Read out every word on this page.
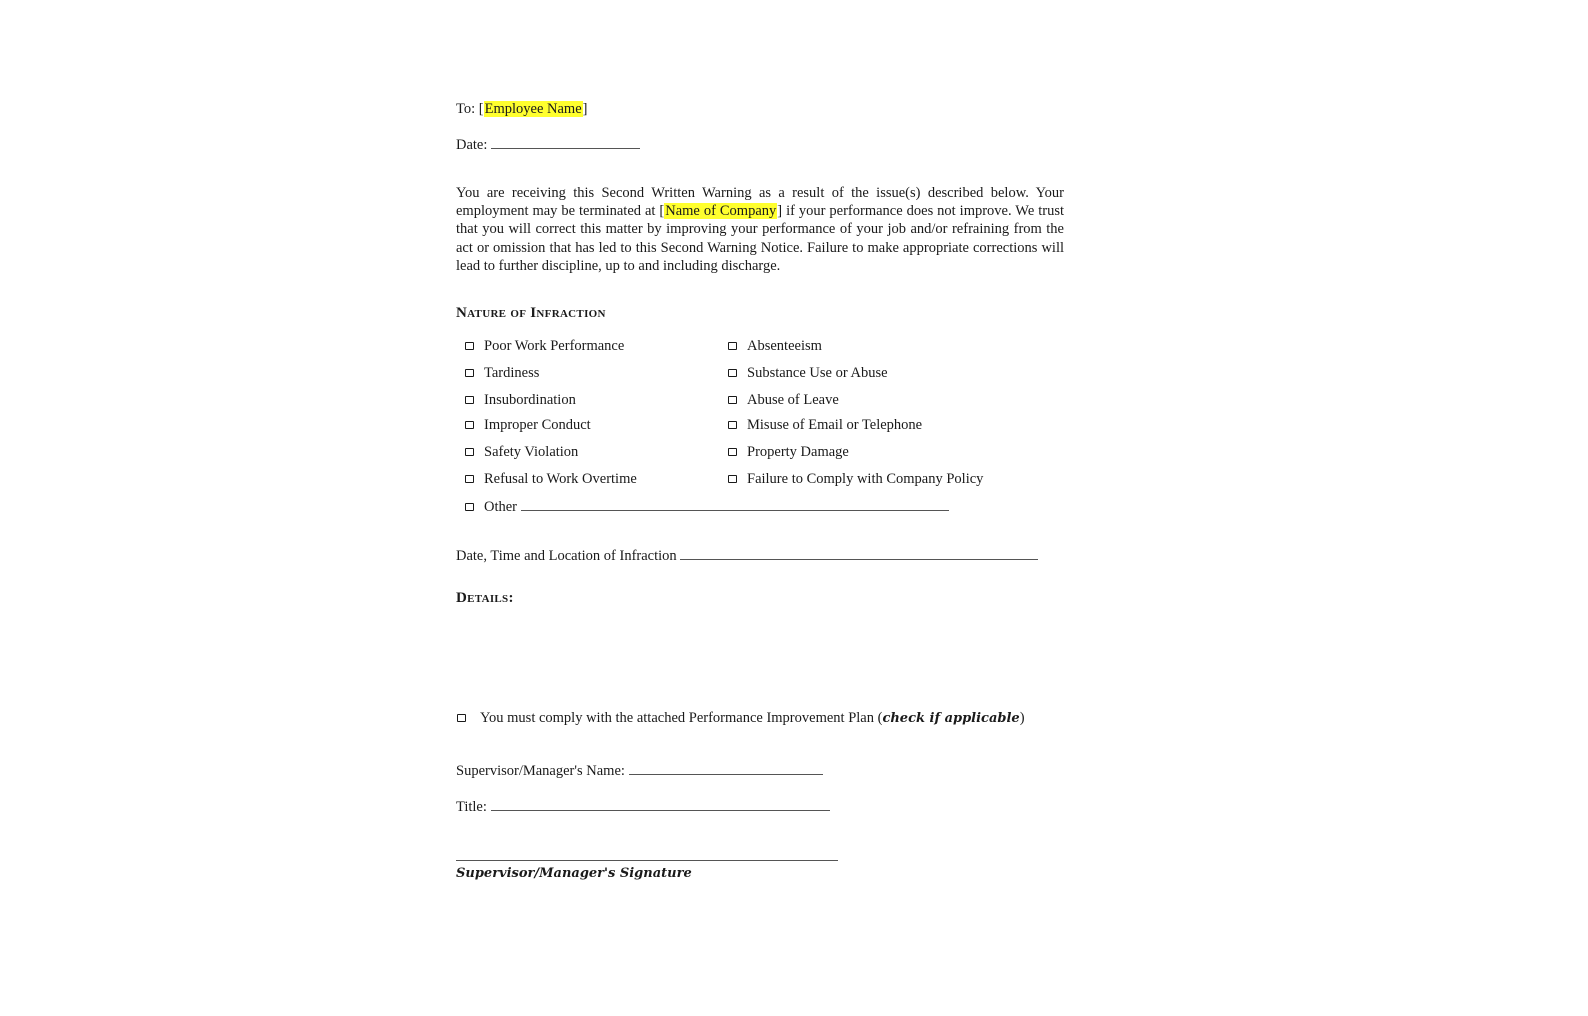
To: [Employee Name]
Date:
You are receiving this Second Written Warning as a result of the issue(s) described below. Your employment may be terminated at [Name of Company] if your performance does not improve. We trust that you will correct this matter by improving your performance of your job and/or refraining from the act or omission that has led to this Second Warning Notice. Failure to make appropriate corrections will lead to further discipline, up to and including discharge.
Nature of Infraction
Poor Work Performance
Tardiness
Insubordination
Improper Conduct
Safety Violation
Refusal to Work Overtime
Absenteeism
Substance Use or Abuse
Abuse of Leave
Misuse of Email or Telephone
Property Damage
Failure to Comply with Company Policy
Other
Date, Time and Location of Infraction
Details:
You must comply with the attached Performance Improvement Plan (check if applicable)
Supervisor/Manager's Name:
Title:
Supervisor/Manager's Signature
